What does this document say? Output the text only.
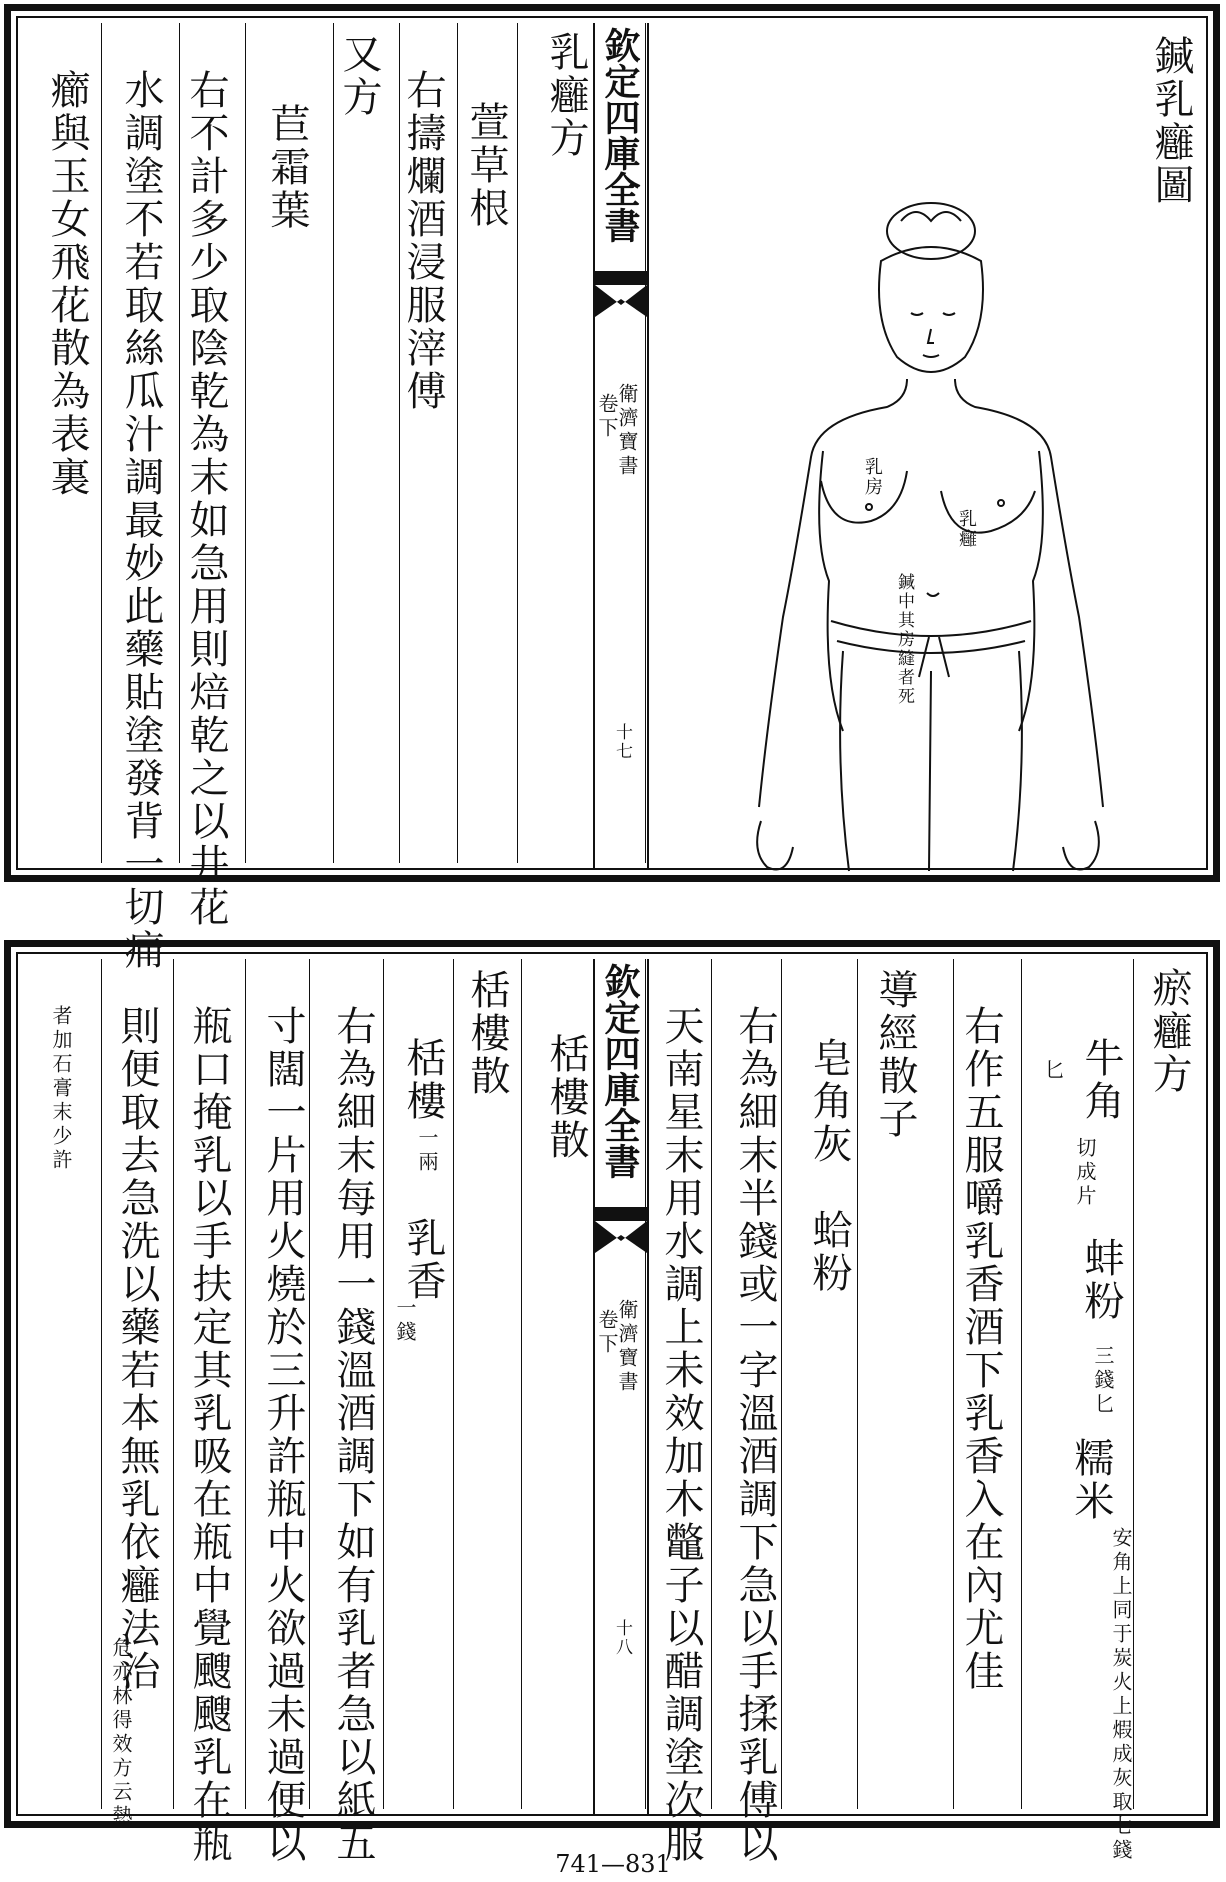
乳癰方
萱草根
右擣爛酒浸服滓傅
又方
苣霜葉
右不計多少取陰乾為末如急用則焙乾之以井花
水調塗不若取絲瓜汁調最妙此藥貼塗發背一切痛
癤與玉女飛花散為表裏	欽定四庫全書
衛濟寶書
卷下
十七
鍼乳癰圖
乳房
乳癰
鍼中其房縫者死
瘀癰方
牛角
切成片
蚌粉
三錢匕
糯米
安角上同于炭火上煆成灰取七錢
匕
右作五服嚼乳香酒下乳香入在內尤佳
導經散子
皂角灰　蛤粉
右為細末半錢或一字溫酒調下急以手揉乳傅以
天南星末用水調上未效加木鼈子以醋調塗次服
欽定四庫全書
衛濟寶書
卷下
十八
栝樓散
栝樓散
栝樓
一兩
乳香
一錢
右為細末每用一錢溫酒調下如有乳者急以紙五
寸闊一片用火燒於三升許瓶中火欲過未過便以
瓶口掩乳以手扶定其乳吸在瓶中覺颼颼乳在瓶
則便取去急洗以藥若本無乳依癰法治
危亦林得效方云熱
者加石膏末少許
741—831
